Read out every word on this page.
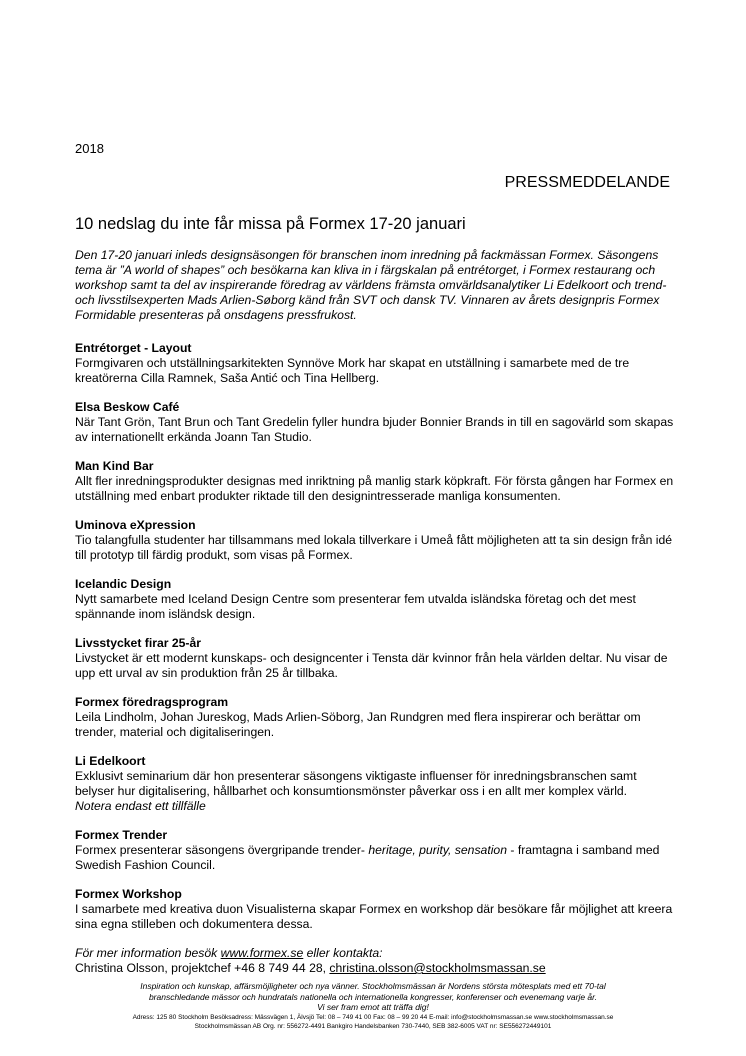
2018
PRESSMEDDELANDE
10 nedslag du inte får missa på Formex 17-20 januari

Den 17-20 januari inleds designsäsongen för branschen inom inredning på fackmässan Formex. Säsongens tema är ”A world of shapes” och besökarna kan kliva in i färgskalan på entrétorget, i Formex restaurang och workshop samt ta del av inspirerande föredrag av världens främsta omvärldsanalytiker Li Edelkoort och trend- och livsstilsexperten Mads Arlien-Søborg känd från SVT och dansk TV. Vinnaren av årets designpris Formex Formidable presenteras på onsdagens pressfrukost.

Entrétorget - Layout

Formgivaren och utställningsarkitekten Synnöve Mork har skapat en utställning i samarbete med de tre kreatörerna Cilla Ramnek, Saša Antić och Tina Hellberg.

Elsa Beskow Café

När Tant Grön, Tant Brun och Tant Gredelin fyller hundra bjuder Bonnier Brands in till en sagovärld som skapas av internationellt erkända Joann Tan Studio.

Man Kind Bar

Allt fler inredningsprodukter designas med inriktning på manlig stark köpkraft. För första gången har Formex en utställning med enbart produkter riktade till den designintresserade manliga konsumenten.

Uminova eXpression

Tio talangfulla studenter har tillsammans med lokala tillverkare i Umeå fått möjligheten att ta sin design från idé till prototyp till färdig produkt, som visas på Formex.

Icelandic Design

Nytt samarbete med Iceland Design Centre som presenterar fem utvalda isländska företag och det mest spännande inom isländsk design.

Livsstycket firar 25-år

Livstycket är ett modernt kunskaps- och designcenter i Tensta där kvinnor från hela världen deltar. Nu visar de upp ett urval av sin produktion från 25 år tillbaka.

Formex föredragsprogram

Leila Lindholm, Johan Jureskog, Mads Arlien-Söborg, Jan Rundgren med flera inspirerar och berättar om trender, material och digitaliseringen.

Li Edelkoort

Exklusivt seminarium där hon presenterar säsongens viktigaste influenser för inredningsbranschen samt belyser hur digitalisering, hållbarhet och konsumtionsmönster påverkar oss i en allt mer komplex värld.

Notera endast ett tillfälle

Formex Trender

Formex presenterar säsongens övergripande trender- heritage, purity, sensation - framtagna i samband med Swedish Fashion Council.

Formex Workshop

I samarbete med kreativa duon Visualisterna skapar Formex en workshop där besökare får möjlighet att kreera sina egna stilleben och dokumentera dessa.

För mer information besök www.formex.se eller kontakta:

Christina Olsson, projektchef +46 8 749 44 28, christina.olsson@stockholmsmassan.se

Inspiration och kunskap, affärsmöjligheter och nya vänner. Stockholmsmässan är Nordens största mötesplats med ett 70-tal
branschledande mässor och hundratals nationella och internationella kongresser, konferenser och evenemang varje år.
Vi ser fram emot att träffa dig!
Adress: 125 80 Stockholm Besöksadress: Mässvägen 1, Älvsjö Tel: 08 – 749 41 00 Fax: 08 – 99 20 44 E-mail: info@stockholmsmassan.se www.stockholmsmassan.se
Stockholmsmässan AB Org. nr: 556272-4491 Bankgiro Handelsbanken 730-7440, SEB 382-6005 VAT nr: SE556272449101
